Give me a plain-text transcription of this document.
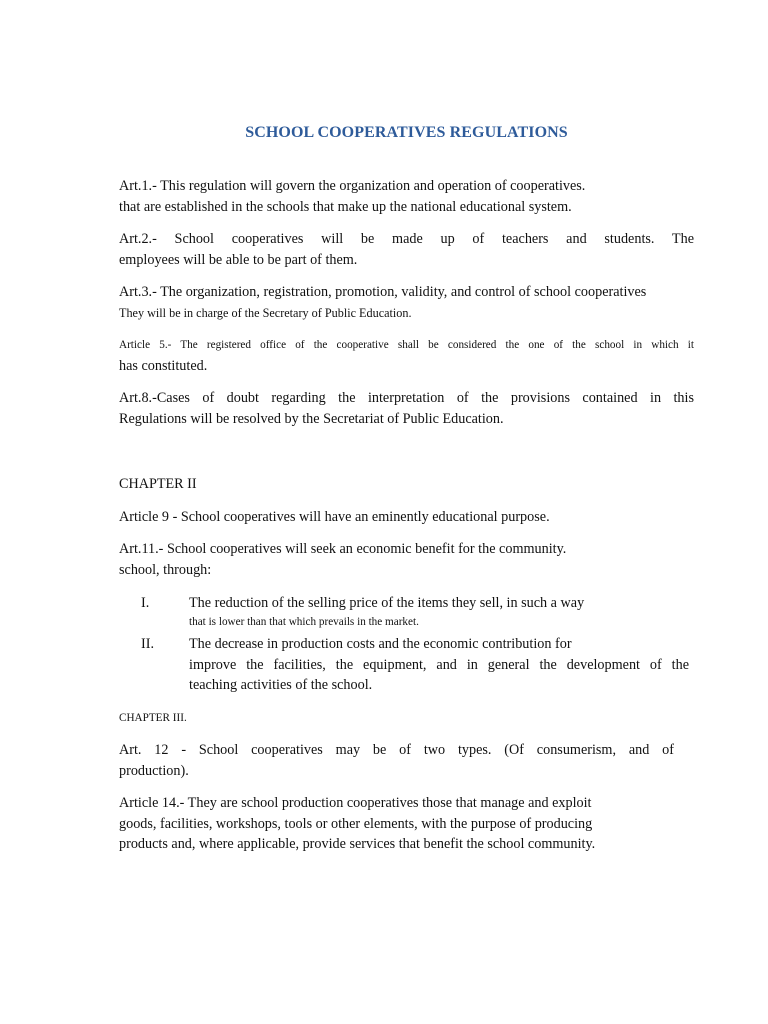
SCHOOL COOPERATIVES REGULATIONS

Art.1.- This regulation will govern the organization and operation of cooperatives.
that are established in the schools that make up the national educational system.

Art.2.- School cooperatives will be made up of teachers and students. The
employees will be able to be part of them.

Art.3.- The organization, registration, promotion, validity, and control of school cooperatives
They will be in charge of the Secretary of Public Education.

Article 5.- The registered office of the cooperative shall be considered the one of the school in which it
has constituted.

Art.8.-Cases of doubt regarding the interpretation of the provisions contained in this
Regulations will be resolved by the Secretariat of Public Education.

CHAPTER II

Article 9 - School cooperatives will have an eminently educational purpose.

Art.11.- School cooperatives will seek an economic benefit for the community.
school, through:

I.	The reduction of the selling price of the items they sell, in such a way
that is lower than that which prevails in the market.
II. The decrease in production costs and the economic contribution for
improve the facilities, the equipment, and in general the development of the
teaching activities of the school.

CHAPTER III.

Art. 12 - School cooperatives may be of two types. (Of consumerism, and of
production).

Article 14.- They are school production cooperatives those that manage and exploit
goods, facilities, workshops, tools or other elements, with the purpose of producing
products and, where applicable, provide services that benefit the school community.
